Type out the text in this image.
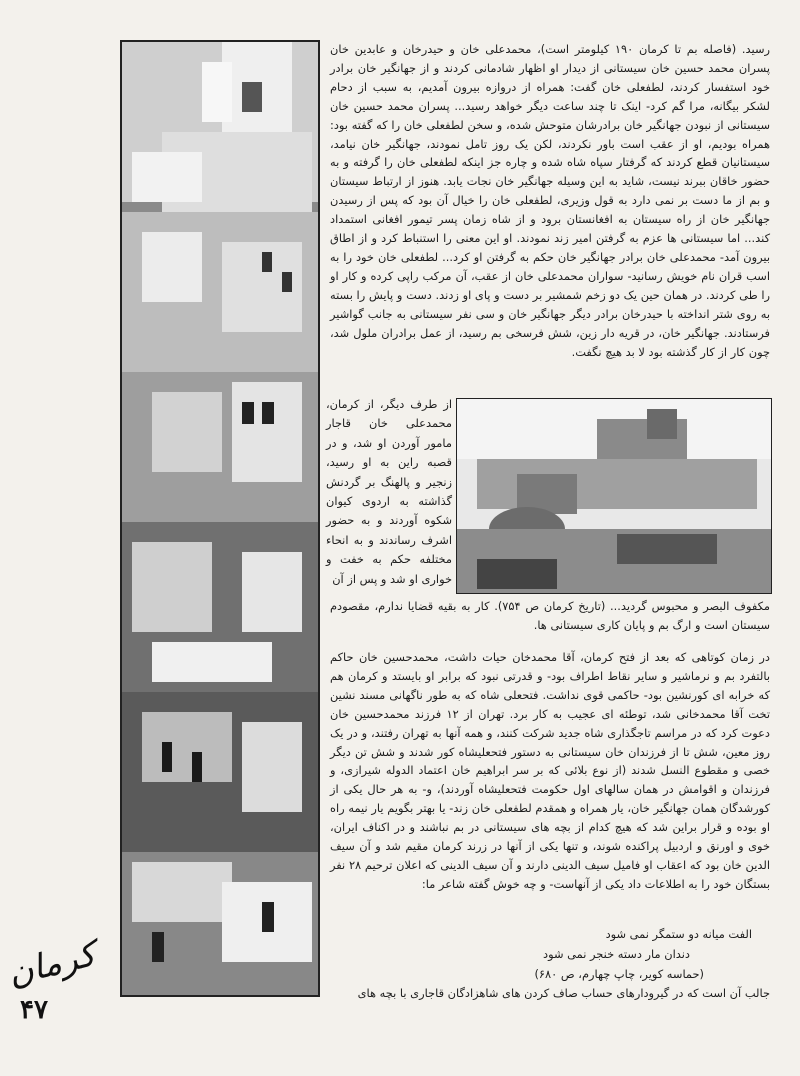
کرمان
۴۷

رسید. (فاصله بم تا کرمان ۱۹۰ کیلومتر است)، محمدعلی خان و حیدرخان و عابدین خان پسران محمد حسین خان سیستانی از دیدار او اظهار شادمانی کردند و از جهانگیر خان برادر خود استفسار کردند، لطفعلی خان گفت: همراه از دروازه بیرون آمدیم، به سبب از دحام لشکر بیگانه، مرا گم کرد- اینک تا چند ساعت دیگر خواهد رسید... پسران محمد حسین خان سیستانی از نبودن جهانگیر خان برادرشان متوحش شده، و سخن لطفعلی خان را که گفته بود: همراه بودیم، او از عقب است باور نکردند، لکن یک روز تامل نمودند، جهانگیر خان نیامد، سیستانیان قطع کردند که گرفتار سپاه شاه شده و چاره جز اینکه لطفعلی خان را گرفته و به حضور خاقان ببرند نیست، شاید به این وسیله جهانگیر خان نجات یابد. هنوز از ارتباط سیستان و بم از ما دست بر نمی دارد به قول وزیری، لطفعلی خان را خیال آن بود که پس از رسیدن جهانگیر خان از راه سیستان به افغانستان برود و از شاه زمان پسر تیمور افغانی استمداد کند... اما سیستانی ها عزم به گرفتن امیر زند نمودند. او این معنی را استنباط کرد و از اطاق بیرون آمد- محمدعلی خان برادر جهانگیر خان حکم به گرفتن او کرد... لطفعلی خان خود را به اسب قران نام خویش رسانید- سواران محمدعلی خان از عقب، آن مرکب راپی کرده و کار او را طی کردند. در همان حین یک دو زخم شمشیر بر دست و پای او زدند. دست و پایش را بسته به روی شتر انداخته با حیدرخان برادر دیگر جهانگیر خان و سی نفر سیستانی به جانب گواشیر فرستادند. جهانگیر خان، در قریه دار زین، شش فرسخی بم رسید، از عمل برادران ملول شد، چون کار از کار گذشته بود لا بد هیچ نگفت.

از طرف دیگر، از کرمان، محمدعلی خان قاجار مامور آوردن او شد، و در قصبه راین به او رسید، زنجیر و پالهنگ بر گردنش گذاشته به اردوی کیوان شکوه آوردند و به حضور اشرف رساندند و به انحاء مختلفه حکم به خفت و خواری او شد و پس از آن

مکفوف البصر و محبوس گردید... (تاریخ کرمان ص ۷۵۴). کار به بقیه قضایا ندارم، مقصودم سیستان است و ارگ بم و پایان کاری سیستانی ها.

در زمان کوتاهی که بعد از فتح کرمان، آقا محمدخان حیات داشت، محمدحسین خان حاکم بالتفرد بم و نرماشیر و سایر نقاط اطراف بود- و قدرتی نبود که برابر او بایستد و کرمان هم که خرابه ای کورنشین بود- حاکمی قوی نداشت. فتحعلی شاه که به طور ناگهانی مسند نشین تخت آقا محمدخانی شد، توطئه ای عجیب به کار برد. تهران از ۱۲ فرزند محمدحسین خان دعوت کرد که در مراسم تاجگذاری شاه جدید شرکت کنند، و همه آنها به تهران رفتند، و در یک روز معین، شش تا از فرزندان خان سیستانی به دستور فتحعلیشاه کور شدند و شش تن دیگر خصی و مقطوع النسل شدند (از نوع بلائی که بر سر ابراهیم خان اعتماد الدوله شیرازی، و فرزندان و اقوامش در همان سالهای اول حکومت فتحعلیشاه آوردند)، و- به هر حال یکی از کورشدگان همان جهانگیر خان، یار همراه و همقدم لطفعلی خان زند- یا بهتر بگویم یار نیمه راه او بوده و قرار براین شد که هیچ کدام از بچه های سیستانی در بم نباشند و در اکناف ایران، خوی و اورنق و اردبیل پراکنده شوند، و تنها یکی از آنها در زرند کرمان مقیم شد و آن سیف الدین خان بود که اعقاب او فامیل سیف الدینی دارند و آن سیف الدینی که اعلان ترحیم ۲۸ نفر بستگان خود را به اطلاعات داد یکی از آنهاست- و چه خوش گفته شاعر ما:

الفت میانه دو ستمگر نمی شود
دندان مار دسته خنجر نمی شود
(حماسه کویر، چاپ چهارم، ص ۶۸۰)
جالب آن است که در گیرودارهای حساب صاف کردن های شاهزادگان قاجاری با بچه های
